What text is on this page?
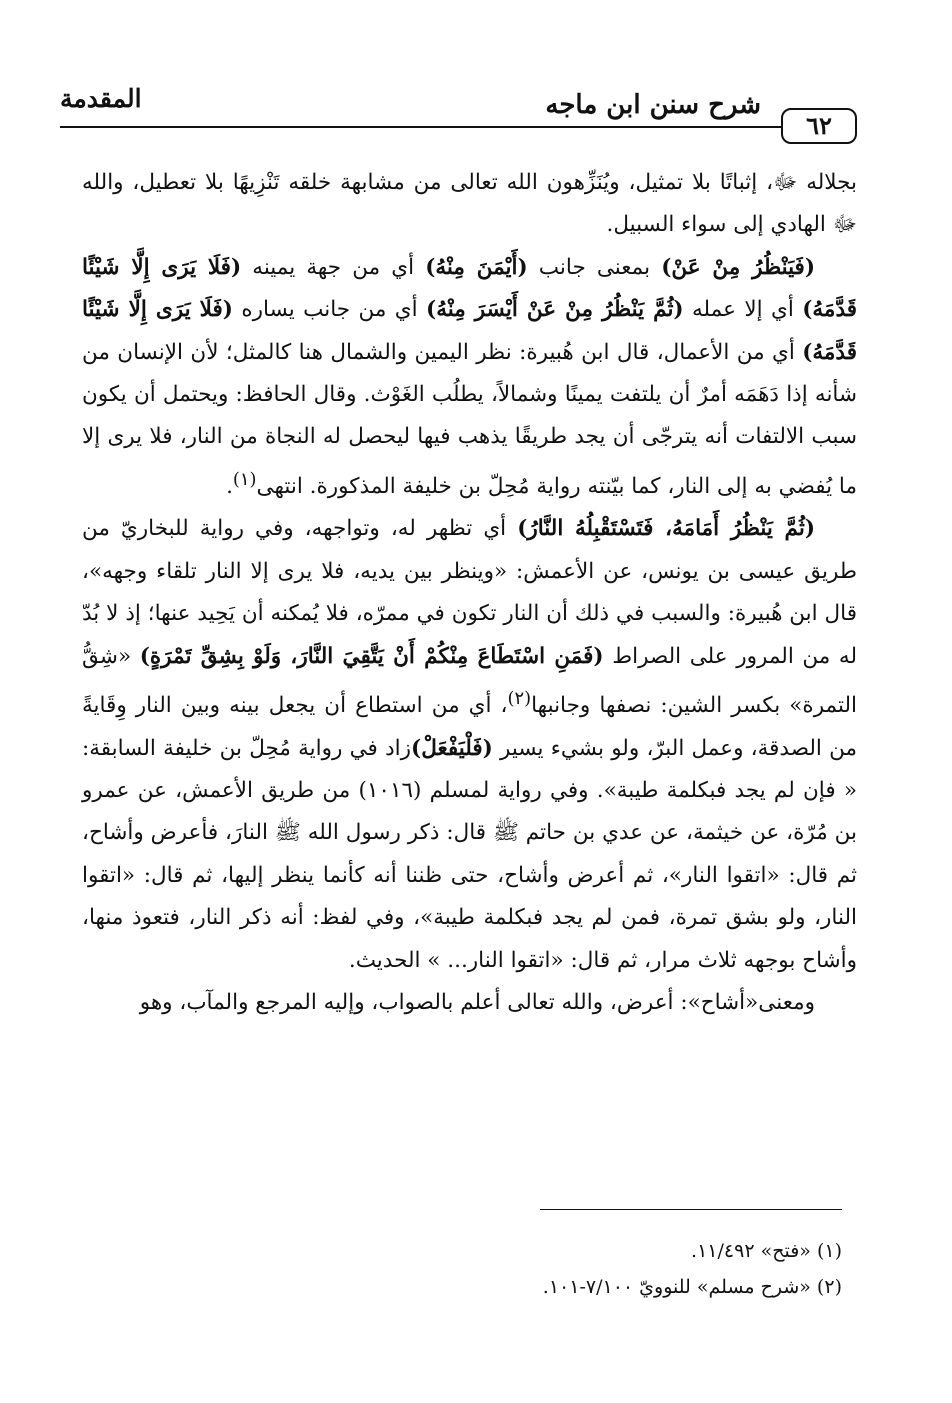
٦٢
شرح سنن ابن ماجه
المقدمة

بجلاله ﷻ، إثباتًا بلا تمثيل، ويُنَزِّهون الله تعالى من مشابهة خلقه تَنْزِيهًا بلا تعطيل، والله ﷻ الهادي إلى سواء السبيل.

(فَيَنْظُرُ مِنْ عَنْ) بمعنى جانب (أَيْمَنَ مِنْهُ) أي من جهة يمينه (فَلَا يَرَى إِلَّا شَيْئًا قَدَّمَهُ) أي إلا عمله (ثُمَّ يَنْظُرُ مِنْ عَنْ أَيْسَرَ مِنْهُ) أي من جانب يساره (فَلَا يَرَى إِلَّا شَيْئًا قَدَّمَهُ) أي من الأعمال، قال ابن هُبيرة: نظر اليمين والشمال هنا كالمثل؛ لأن الإنسان من شأنه إذا دَهَمَه أمرٌ أن يلتفت يمينًا وشمالاً، يطلُب الغَوْث. وقال الحافظ: ويحتمل أن يكون سبب الالتفات أنه يترجّى أن يجد طريقًا يذهب فيها ليحصل له النجاة من النار، فلا يرى إلا ما يُفضي به إلى النار، كما بيّنته رواية مُحِلّ بن خليفة المذكورة. انتهى$^{(١)}$.

(ثُمَّ يَنْظُرُ أَمَامَهُ، فَتَسْتَقْبِلُهُ النَّارُ) أي تظهر له، وتواجهه، وفي رواية للبخاريّ من طريق عيسى بن يونس، عن الأعمش: «وينظر بين يديه، فلا يرى إلا النار تلقاء وجهه»، قال ابن هُبيرة: والسبب في ذلك أن النار تكون في ممرّه، فلا يُمكنه أن يَحِيد عنها؛ إذ لا بُدّ له من المرور على الصراط (فَمَنِ اسْتَطَاعَ مِنْكُمْ أَنْ يَتَّقِيَ النَّارَ، وَلَوْ بِشِقِّ تَمْرَةٍ) «شِقُّ التمرة» بكسر الشين: نصفها وجانبها$^{(٢)}$، أي من استطاع أن يجعل بينه وبين النار وِقَايةً من الصدقة، وعمل البرّ، ولو بشيء يسير (فَلْيَفْعَلْ)زاد في رواية مُحِلّ بن خليفة السابقة: « فإن لم يجد فبكلمة طيبة». وفي رواية لمسلم (١٠١٦) من طريق الأعمش، عن عمرو بن مُرّة، عن خيثمة، عن عدي بن حاتم ﷺ قال: ذكر رسول الله ﷺ النارَ، فأعرض وأشاح، ثم قال: «اتقوا النار»، ثم أعرض وأشاح، حتى ظننا أنه كأنما ينظر إليها، ثم قال: «اتقوا النار، ولو بشق تمرة، فمن لم يجد فبكلمة طيبة»، وفي لفظ: أنه ذكر النار، فتعوذ منها، وأشاح بوجهه ثلاث مرار، ثم قال: «اتقوا النار... » الحديث.

ومعنى«أشاح»: أعرض، والله تعالى أعلم بالصواب، وإليه المرجع والمآب، وهو

(١) «فتح» ١١/٤٩٢.

(٢) «شرح مسلم» للنوويّ ٧/١٠٠-١٠١.
